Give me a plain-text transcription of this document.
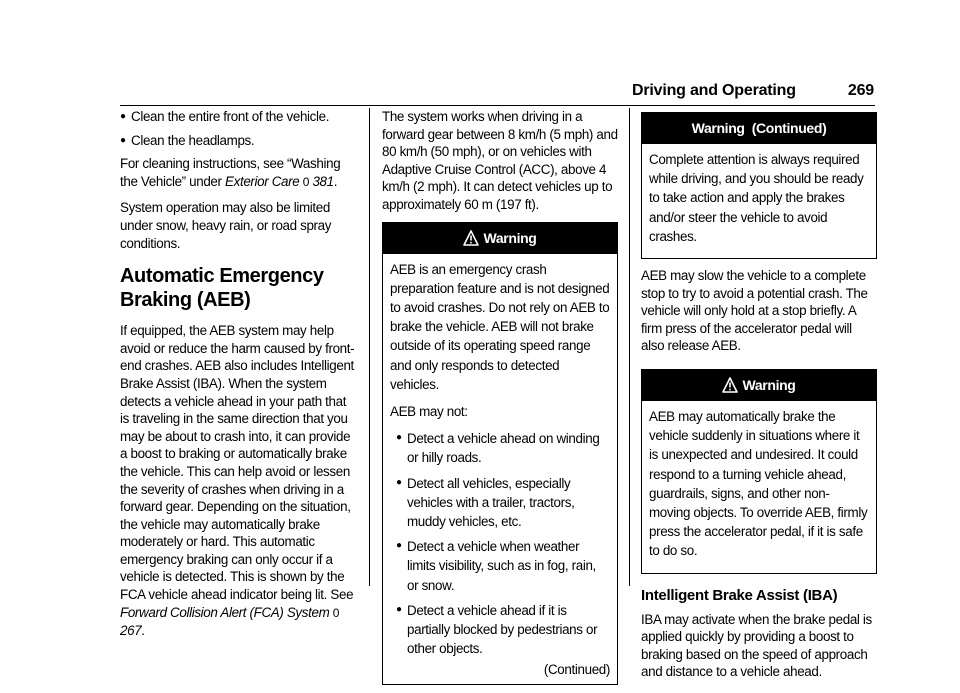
Driving and Operating	269
● Clean the entire front of the vehicle.
● Clean the headlamps.

For cleaning instructions, see “Washing the Vehicle” under Exterior Care 0 381.

System operation may also be limited under snow, heavy rain, or road spray conditions.

Automatic Emergency
Braking (AEB)

If equipped, the AEB system may help avoid or reduce the harm caused by front-end crashes. AEB also includes Intelligent Brake Assist (IBA). When the system detects a vehicle ahead in your path that is traveling in the same direction that you may be about to crash into, it can provide a boost to braking or automatically brake the vehicle. This can help avoid or lessen the severity of crashes when driving in a forward gear. Depending on the situation, the vehicle may automatically brake moderately or hard. This automatic emergency braking can only occur if a vehicle is detected. This is shown by the FCA vehicle ahead indicator being lit. See Forward Collision Alert (FCA) System 0 267.

The system works when driving in a forward gear between 8 km/h (5 mph) and 80 km/h (50 mph), or on vehicles with Adaptive Cruise Control (ACC), above 4 km/h (2 mph). It can detect vehicles up to approximately 60 m (197 ft).

Warning

AEB is an emergency crash preparation feature and is not designed to avoid crashes. Do not rely on AEB to brake the vehicle. AEB will not brake outside of its operating speed range and only responds to detected vehicles.

AEB may not:

● Detect a vehicle ahead on winding or hilly roads.
● Detect all vehicles, especially vehicles with a trailer, tractors, muddy vehicles, etc.
● Detect a vehicle when weather limits visibility, such as in fog, rain, or snow.
● Detect a vehicle ahead if it is partially blocked by pedestrians or other objects.
(Continued)
Warning  (Continued)

Complete attention is always required while driving, and you should be ready to take action and apply the brakes and/or steer the vehicle to avoid crashes.

AEB may slow the vehicle to a complete stop to try to avoid a potential crash. The vehicle will only hold at a stop briefly. A firm press of the accelerator pedal will also release AEB.

Warning

AEB may automatically brake the vehicle suddenly in situations where it is unexpected and undesired. It could respond to a turning vehicle ahead, guardrails, signs, and other non-moving objects. To override AEB, firmly press the accelerator pedal, if it is safe to do so.

Intelligent Brake Assist (IBA)

IBA may activate when the brake pedal is applied quickly by providing a boost to braking based on the speed of approach and distance to a vehicle ahead.
